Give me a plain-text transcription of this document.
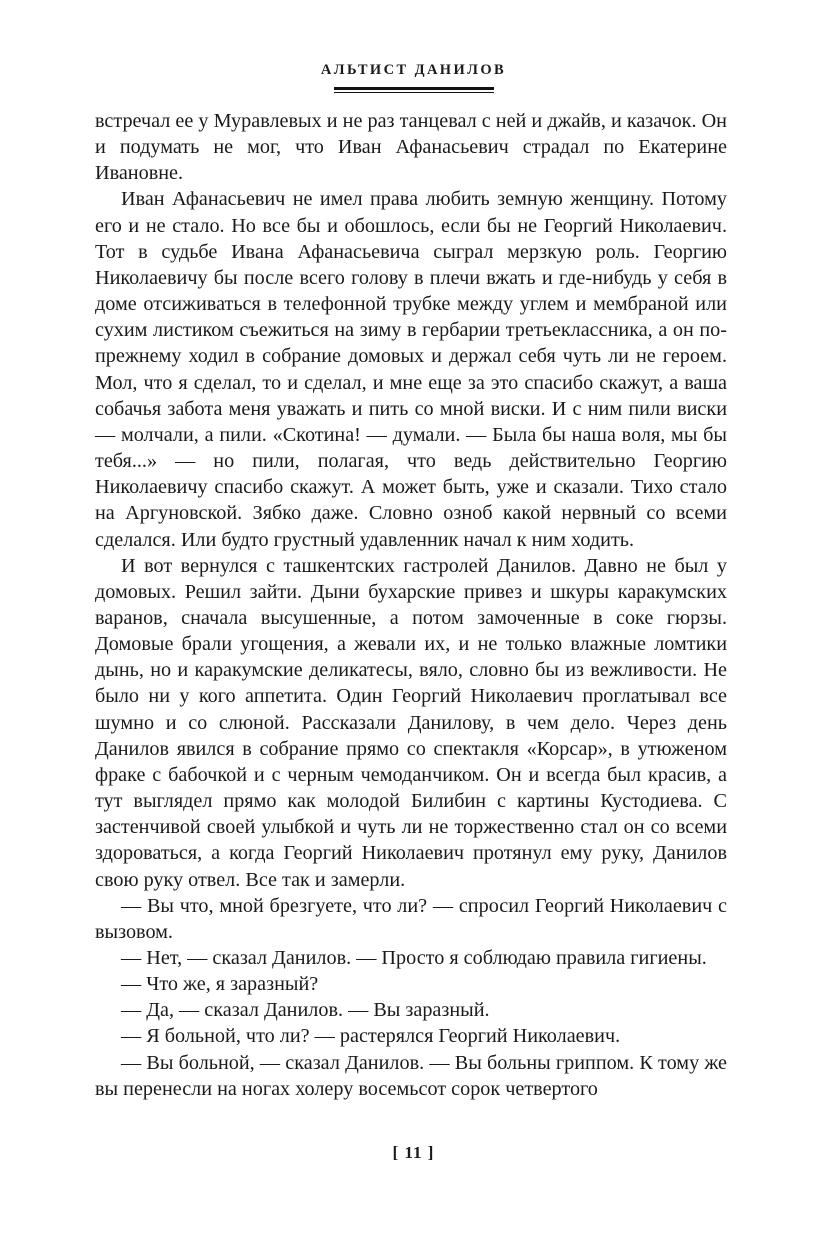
АЛЬТИСТ ДАНИЛОВ

встречал ее у Муравлевых и не раз танцевал с ней и джайв, и казачок. Он и подумать не мог, что Иван Афанасьевич страдал по Екатерине Ивановне.

Иван Афанасьевич не имел права любить земную женщину. Потому его и не стало. Но все бы и обошлось, если бы не Георгий Николаевич. Тот в судьбе Ивана Афанасьевича сыграл мерзкую роль. Георгию Николаевичу бы после всего голову в плечи вжать и где-нибудь у себя в доме отсиживаться в телефонной трубке между углем и мембраной или сухим листиком съежиться на зиму в гербарии третьеклассника, а он по-прежнему ходил в собрание домовых и держал себя чуть ли не героем. Мол, что я сделал, то и сделал, и мне еще за это спасибо скажут, а ваша собачья забота меня уважать и пить со мной виски. И с ним пили виски — молчали, а пили. «Скотина! — думали. — Была бы наша воля, мы бы тебя...» — но пили, полагая, что ведь действительно Георгию Николаевичу спасибо скажут. А может быть, уже и сказали. Тихо стало на Аргуновской. Зябко даже. Словно озноб какой нервный со всеми сделался. Или будто грустный удавленник начал к ним ходить.

И вот вернулся с ташкентских гастролей Данилов. Давно не был у домовых. Решил зайти. Дыни бухарские привез и шкуры каракумских варанов, сначала высушенные, а потом замоченные в соке гюрзы. Домовые брали угощения, а жевали их, и не только влажные ломтики дынь, но и каракумские деликатесы, вяло, словно бы из вежливости. Не было ни у кого аппетита. Один Георгий Николаевич проглатывал все шумно и со слюной. Рассказали Данилову, в чем дело. Через день Данилов явился в собрание прямо со спектакля «Корсар», в утюженом фраке с бабочкой и с черным чемоданчиком. Он и всегда был красив, а тут выглядел прямо как молодой Билибин с картины Кустодиева. С застенчивой своей улыбкой и чуть ли не торжественно стал он со всеми здороваться, а когда Георгий Николаевич протянул ему руку, Данилов свою руку отвел. Все так и замерли.

— Вы что, мной брезгуете, что ли? — спросил Георгий Николаевич с вызовом.

— Нет, — сказал Данилов. — Просто я соблюдаю правила гигиены.

— Что же, я заразный?

— Да, — сказал Данилов. — Вы заразный.

— Я больной, что ли? — растерялся Георгий Николаевич.

— Вы больной, — сказал Данилов. — Вы больны гриппом. К тому же вы перенесли на ногах холеру восемьсот сорок четвертого

[ 11 ]
